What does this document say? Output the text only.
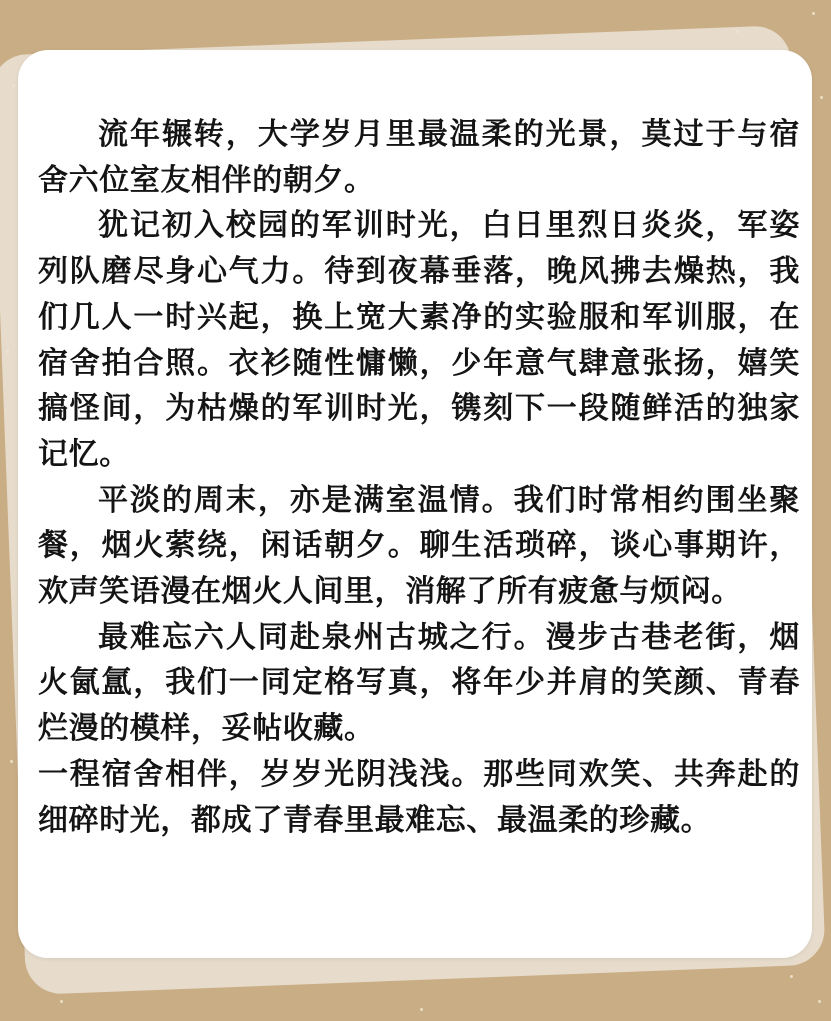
流年辗转，大学岁月里最温柔的光景，莫过于与宿舍六位室友相伴的朝夕。

犹记初入校园的军训时光，白日里烈日炎炎，军姿列队磨尽身心气力。待到夜幕垂落，晚风拂去燥热，我们几人一时兴起，换上宽大素净的实验服和军训服，在宿舍拍合照。衣衫随性慵懒，少年意气肆意张扬，嬉笑搞怪间，为枯燥的军训时光，镌刻下一段随鲜活的独家记忆。

平淡的周末，亦是满室温情。我们时常相约围坐聚餐，烟火萦绕，闲话朝夕。聊生活琐碎，谈心事期许，欢声笑语漫在烟火人间里，消解了所有疲惫与烦闷。

最难忘六人同赴泉州古城之行。漫步古巷老街，烟火氤氲，我们一同定格写真，将年少并肩的笑颜、青春烂漫的模样，妥帖收藏。

一程宿舍相伴，岁岁光阴浅浅。那些同欢笑、共奔赴的细碎时光，都成了青春里最难忘、最温柔的珍藏。
